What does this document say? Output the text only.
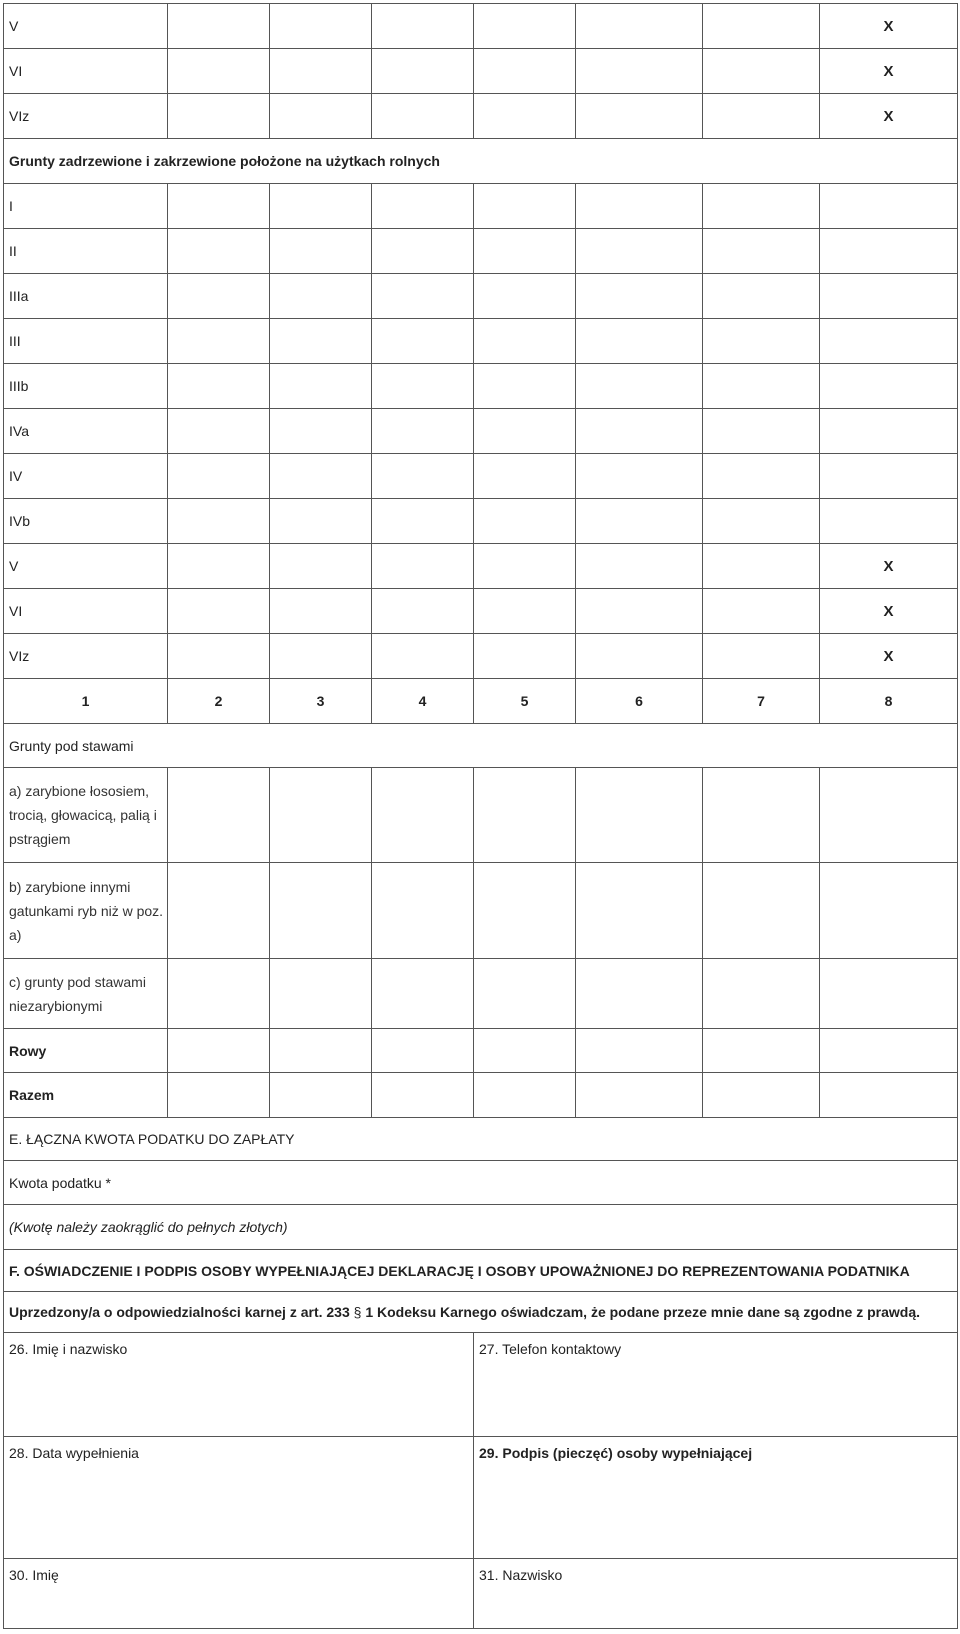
V							X
VI							X
VIz							X
Grunty zadrzewione i zakrzewione położone na użytkach rolnych							
I							
II							
IIIa							
III							
IIIb							
IVa							
IV							
IVb							
V							X
VI							X
VIz							X
1	2	3	4	5	6	7	8
Grunty pod stawami							
a) zarybione łososiem, trocią, głowacicą, palią i pstrągiem							
b) zarybione innymi gatunkami ryb niż w poz. a)							
c) grunty pod stawami niezarybionymi							
Rowy							
Razem							
E. ŁĄCZNA KWOTA PODATKU DO ZAPŁATY							

Kwota podatku *
(Kwotę należy zaokrąglić do pełnych złotych)							

F. OŚWIADCZENIE I PODPIS OSOBY WYPEŁNIAJĄCEJ DEKLARACJĘ I OSOBY UPOWAŻNIONEJ DO REPREZENTOWANIA PODATNIKA							
Uprzedzony/a o odpowiedzialności karnej z art. 233 § 1 Kodeksu Karnego oświadczam, że podane przeze mnie dane są zgodne z prawdą.							
26. Imię i nazwisko				27. Telefon kontaktowy			
28. Data wypełnienia				29. Podpis (pieczęć) osoby wypełniającej			
30. Imię				31. Nazwisko			
